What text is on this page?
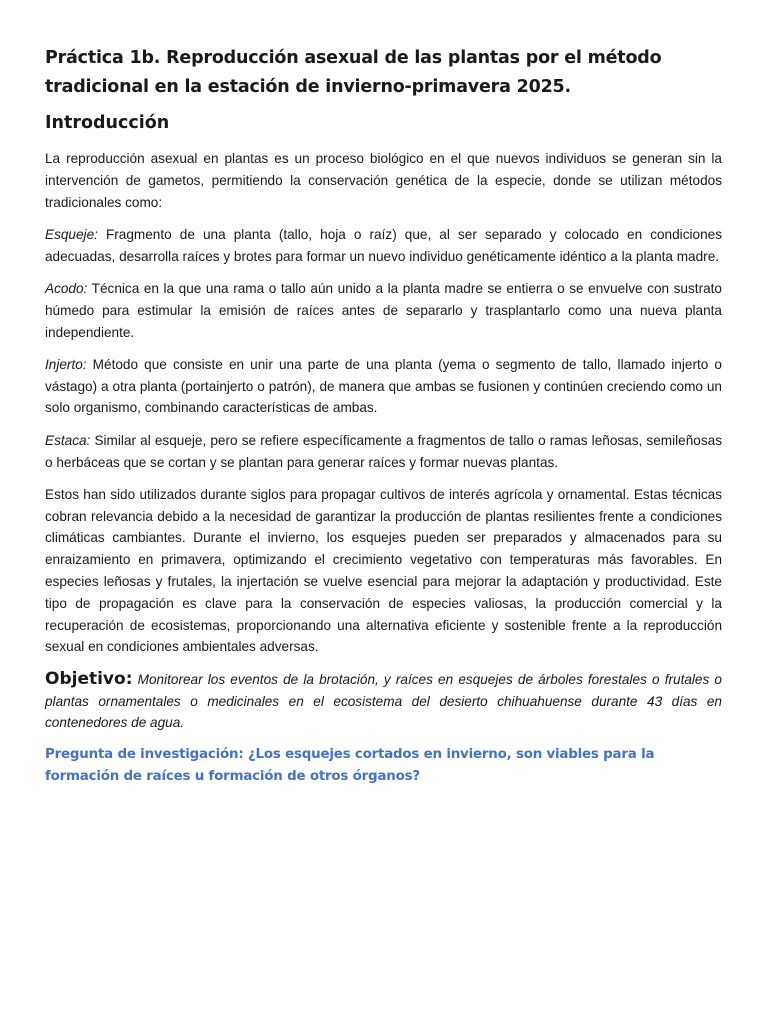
Práctica 1b. Reproducción asexual de las plantas por el método tradicional en la estación de invierno-primavera 2025.
Introducción

La reproducción asexual en plantas es un proceso biológico en el que nuevos individuos se generan sin la intervención de gametos, permitiendo la conservación genética de la especie, donde se utilizan métodos tradicionales como:

Esqueje: Fragmento de una planta (tallo, hoja o raíz) que, al ser separado y colocado en condiciones adecuadas, desarrolla raíces y brotes para formar un nuevo individuo genéticamente idéntico a la planta madre.

Acodo: Técnica en la que una rama o tallo aún unido a la planta madre se entierra o se envuelve con sustrato húmedo para estimular la emisión de raíces antes de separarlo y trasplantarlo como una nueva planta independiente.

Injerto: Método que consiste en unir una parte de una planta (yema o segmento de tallo, llamado injerto o vástago) a otra planta (portainjerto o patrón), de manera que ambas se fusionen y continúen creciendo como un solo organismo, combinando características de ambas.

Estaca: Similar al esqueje, pero se refiere específicamente a fragmentos de tallo o ramas leñosas, semileñosas o herbáceas que se cortan y se plantan para generar raíces y formar nuevas plantas.

Estos han sido utilizados durante siglos para propagar cultivos de interés agrícola y ornamental. Estas técnicas cobran relevancia debido a la necesidad de garantizar la producción de plantas resilientes frente a condiciones climáticas cambiantes. Durante el invierno, los esquejes pueden ser preparados y almacenados para su enraizamiento en primavera, optimizando el crecimiento vegetativo con temperaturas más favorables. En especies leñosas y frutales, la injertación se vuelve esencial para mejorar la adaptación y productividad. Este tipo de propagación es clave para la conservación de especies valiosas, la producción comercial y la recuperación de ecosistemas, proporcionando una alternativa eficiente y sostenible frente a la reproducción sexual en condiciones ambientales adversas.

Objetivo: Monitorear los eventos de la brotación, y raíces en esquejes de árboles forestales o frutales o plantas ornamentales o medicinales en el ecosistema del desierto chihuahuense durante 43 días en contenedores de agua.

Pregunta de investigación: ¿Los esquejes cortados en invierno, son viables para la formación de raíces u formación de otros órganos?
